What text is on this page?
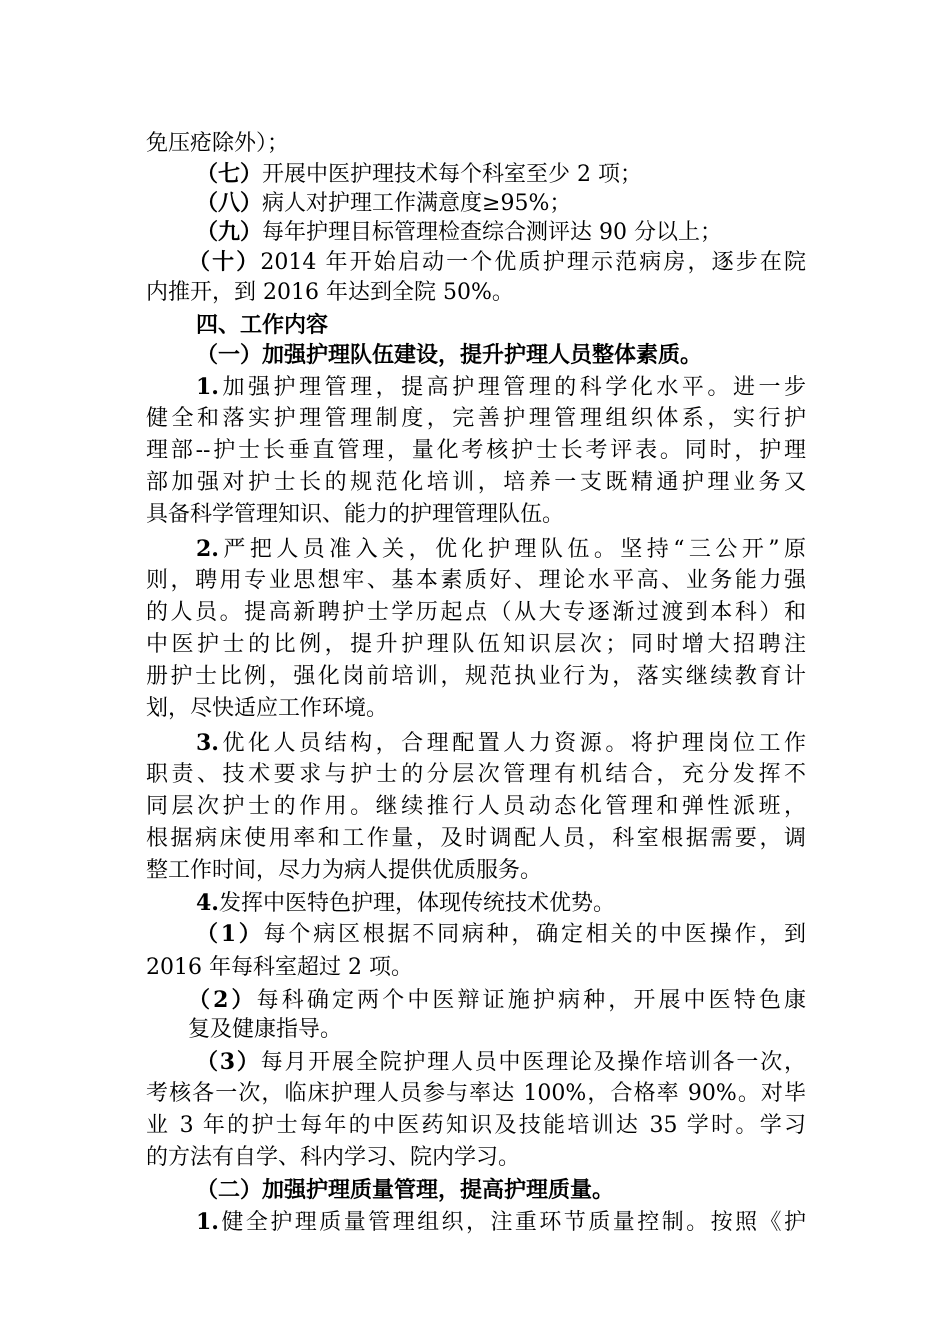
免压疮除外）；
（七）开展中医护理技术每个科室至少 2 项；
（八）病人对护理工作满意度≥95%；
（九）每年护理目标管理检查综合测评达 90 分以上；
（十）2014 年开始启动一个优质护理示范病房，逐步在院
内推开，到 2016 年达到全院 50%。
四、工作内容
（一）加强护理队伍建设，提升护理人员整体素质。
1.加强护理管理，提高护理管理的科学化水平。进一步
健全和落实护理管理制度，完善护理管理组织体系，实行护
理部--护士长垂直管理，量化考核护士长考评表。同时，护理
部加强对护士长的规范化培训，培养一支既精通护理业务又
具备科学管理知识、能力的护理管理队伍。
2.严把人员准入关，优化护理队伍。坚持“三公开”原
则，聘用专业思想牢、基本素质好、理论水平高、业务能力强
的人员。提高新聘护士学历起点（从大专逐渐过渡到本科）和
中医护士的比例，提升护理队伍知识层次；同时增大招聘注
册护士比例，强化岗前培训，规范执业行为，落实继续教育计
划，尽快适应工作环境。
3.优化人员结构，合理配置人力资源。将护理岗位工作
职责、技术要求与护士的分层次管理有机结合，充分发挥不
同层次护士的作用。继续推行人员动态化管理和弹性派班，
根据病床使用率和工作量，及时调配人员，科室根据需要，调
整工作时间，尽力为病人提供优质服务。
4.发挥中医特色护理，体现传统技术优势。
（1）每个病区根据不同病种，确定相关的中医操作，到
2016 年每科室超过 2 项。
（2）每科确定两个中医辩证施护病种，开展中医特色康
复及健康指导。
（3）每月开展全院护理人员中医理论及操作培训各一次，
考核各一次，临床护理人员参与率达 100%，合格率 90%。对毕
业 3 年的护士每年的中医药知识及技能培训达 35 学时。学习
的方法有自学、科内学习、院内学习。
（二）加强护理质量管理，提高护理质量。
1.健全护理质量管理组织，注重环节质量控制。按照《护
